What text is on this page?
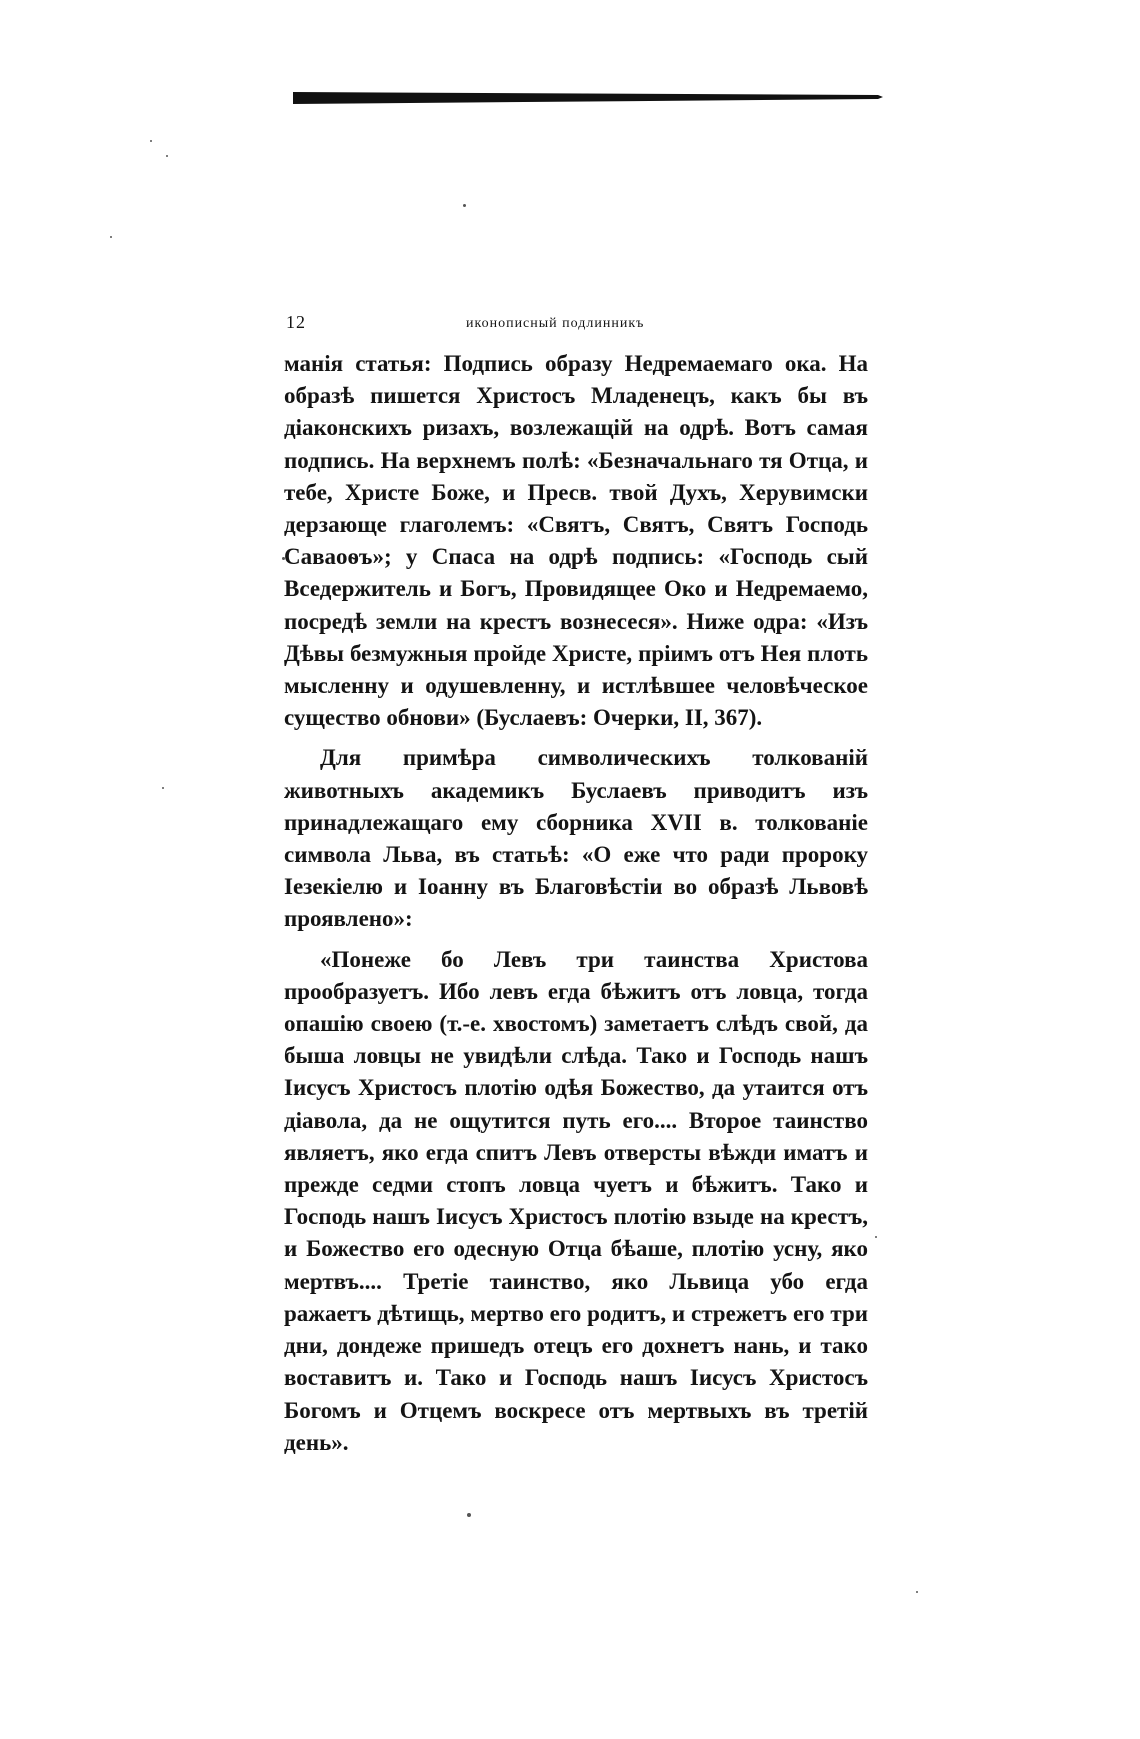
12	иконописный подлинникъ

манія статья: Подпись образу Недремаемаго ока. На образѣ пишется Христосъ Младенецъ, какъ бы въ діаконскихъ ризахъ, возлежащій на одрѣ. Вотъ самая подпись. На верхнемъ полѣ: «Безначальнаго тя Отца, и тебе, Христе Боже, и Пресв. твой Духъ, Херувимски дерзающе глаголемъ: «Святъ, Святъ, Святъ Господь Саваоѳъ»; у Спаса на одрѣ подпись: «Господь сый Вседержитель и Богъ, Провидящее Око и Недремаемо, посредѣ земли на крестъ вознесеся». Ниже одра: «Изъ Дѣвы безмужныя пройде Христе, пріимъ отъ Нея плоть мысленну и одушевленну, и истлѣвшее человѣческое существо обнови» (Буслаевъ: Очерки, II, 367).

Для примѣра символическихъ толкованій животныхъ академикъ Буслаевъ приводитъ изъ принадлежащаго ему сборника XVII в. толкованіе символа Льва, въ статьѣ: «О еже что ради пророку Іезекіелю и Іоанну въ Благовѣстіи во образѣ Львовѣ проявлено»:

«Понеже бо Левъ три таинства Христова прообразуетъ. Ибо левъ егда бѣжитъ отъ ловца, тогда опашію своею (т.-е. хвостомъ) заметаетъ слѣдъ свой, да быша ловцы не увидѣли слѣда. Тако и Господь нашъ Іисусъ Христосъ плотію одѣя Божество, да утаится отъ діавола, да не ощутится путь его.... Второе таинство являетъ, яко егда спитъ Левъ отверсты вѣжди иматъ и прежде седми стопъ ловца чуетъ и бѣжитъ. Тако и Господь нашъ Іисусъ Христосъ плотію взыде на крестъ, и Божество его одесную Отца бѣаше, плотію усну, яко мертвъ.... Третіе таинство, яко Львица убо егда ражаетъ дѣтищь, мертво его родитъ, и стрежетъ его три дни, дондеже пришедъ отецъ его дохнетъ нань, и тако воставитъ и. Тако и Господь нашъ Іисусъ Христосъ Богомъ и Отцемъ воскресе отъ мертвыхъ въ третій день».
